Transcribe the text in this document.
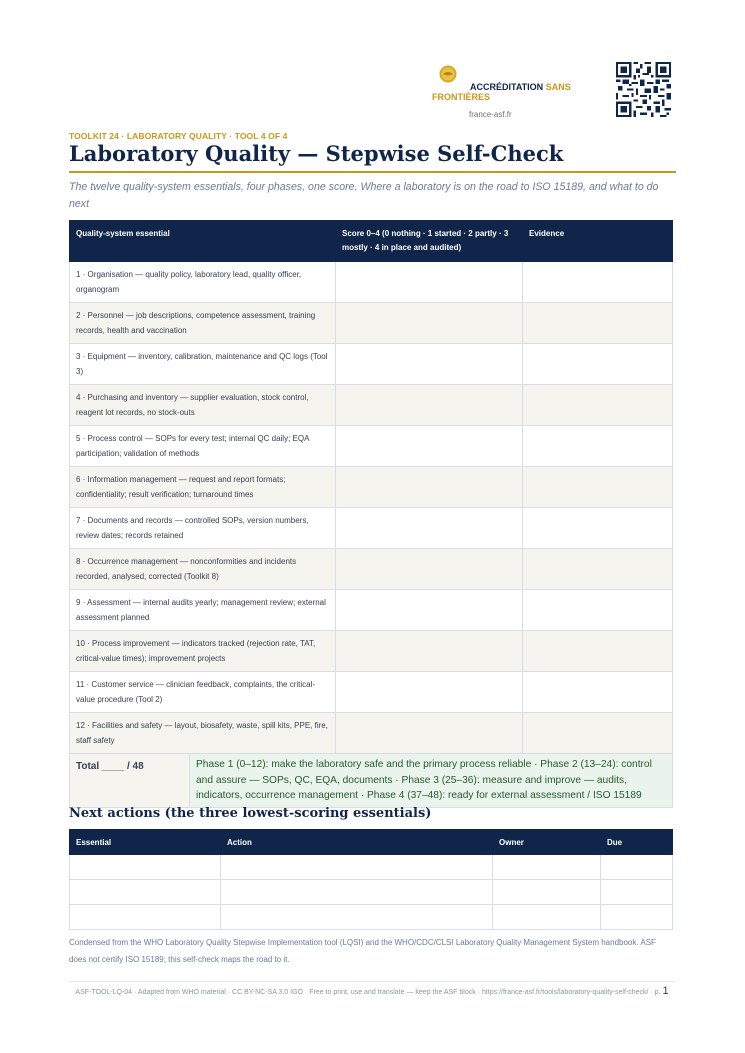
ACCRÉDITATION SANS
FRONTIÈRES
france-asf.fr
TOOLKIT 24 · LABORATORY QUALITY · TOOL 4 OF 4
Laboratory Quality — Stepwise Self-Check
The twelve quality-system essentials, four phases, one score. Where a laboratory is on the road to ISO 15189, and what to do next
Quality-system essential		Score 0–4 (0 nothing · 1 started · 2 partly · 3 mostly · 4 in place and audited)	Evidence
1 · Organisation — quality policy, laboratory lead, quality officer, organogram			
2 · Personnel — job descriptions, competence assessment, training records, health and vaccination			
3 · Equipment — inventory, calibration, maintenance and QC logs (Tool 3)			
4 · Purchasing and inventory — supplier evaluation, stock control, reagent lot records, no stock-outs			
5 · Process control — SOPs for every test; internal QC daily; EQA participation; validation of methods			
6 · Information management — request and report formats; confidentiality; result verification; turnaround times			
7 · Documents and records — controlled SOPs, version numbers, review dates; records retained			
8 · Occurrence management — nonconformities and incidents recorded, analysed, corrected (Toolkit 8)			
9 · Assessment — internal audits yearly; management review; external assessment planned			
10 · Process improvement — indicators tracked (rejection rate, TAT, critical-value times); improvement projects			
11 · Customer service — clinician feedback, complaints, the critical-value procedure (Tool 2)			
12 · Facilities and safety — layout, biosafety, waste, spill kits, PPE, fire, staff safety			
Total ____ / 48	Phase 1 (0–12): make the laboratory safe and the primary process reliable · Phase 2 (13–24): control and assure — SOPs, QC, EQA, documents · Phase 3 (25–36): measure and improve — audits, indicators, occurrence management · Phase 4 (37–48): ready for external assessment / ISO 15189		
Next actions (the three lowest-scoring essentials)
Essential	Action	Owner	Due

Condensed from the WHO Laboratory Quality Stepwise Implementation tool (LQSI) and the WHO/CDC/CLSI Laboratory Quality Management System handbook. ASF does not certify ISO 15189; this self-check maps the road to it.
ASF-TOOL-LQ-04 · Adapted from WHO material · CC BY-NC-SA 3.0 IGO · Free to print, use and translate — keep the ASF block · https://france-asf.fr/tools/laboratory-quality-self-check/ · p. 1
